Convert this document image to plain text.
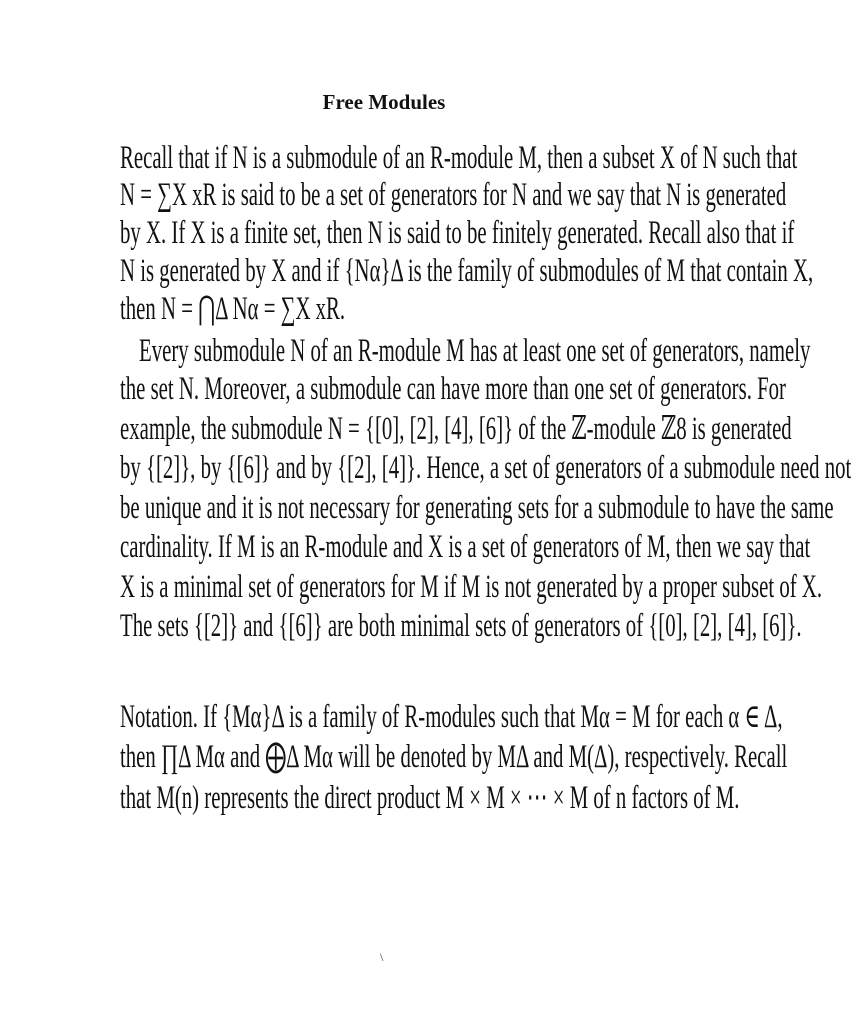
Free Modules
Recall that if N is a submodule of an R-module M, then a subset X of N such that
N = ∑X xR is said to be a set of generators for N and we say that N is generated
by X. If X is a finite set, then N is said to be finitely generated. Recall also that if
N is generated by X and if {Nα}Δ is the family of submodules of M that contain X,
then N = ⋂Δ Nα = ∑X xR.
Every submodule N of an R-module M has at least one set of generators, namely
the set N. Moreover, a submodule can have more than one set of generators. For
example, the submodule N = {[0], [2], [4], [6]} of the ℤ-module ℤ8 is generated
by {[2]}, by {[6]} and by {[2], [4]}. Hence, a set of generators of a submodule need not
be unique and it is not necessary for generating sets for a submodule to have the same
cardinality. If M is an R-module and X is a set of generators of M, then we say that
X is a minimal set of generators for M if M is not generated by a proper subset of X.
The sets {[2]} and {[6]} are both minimal sets of generators of {[0], [2], [4], [6]}.
Notation. If {Mα}Δ is a family of R-modules such that Mα = M for each α ∈ Δ,
then ∏Δ Mα and ⨁Δ Mα will be denoted by MΔ and M(Δ), respectively. Recall
that M(n) represents the direct product M × M × ⋯ × M of n factors of M.
\
